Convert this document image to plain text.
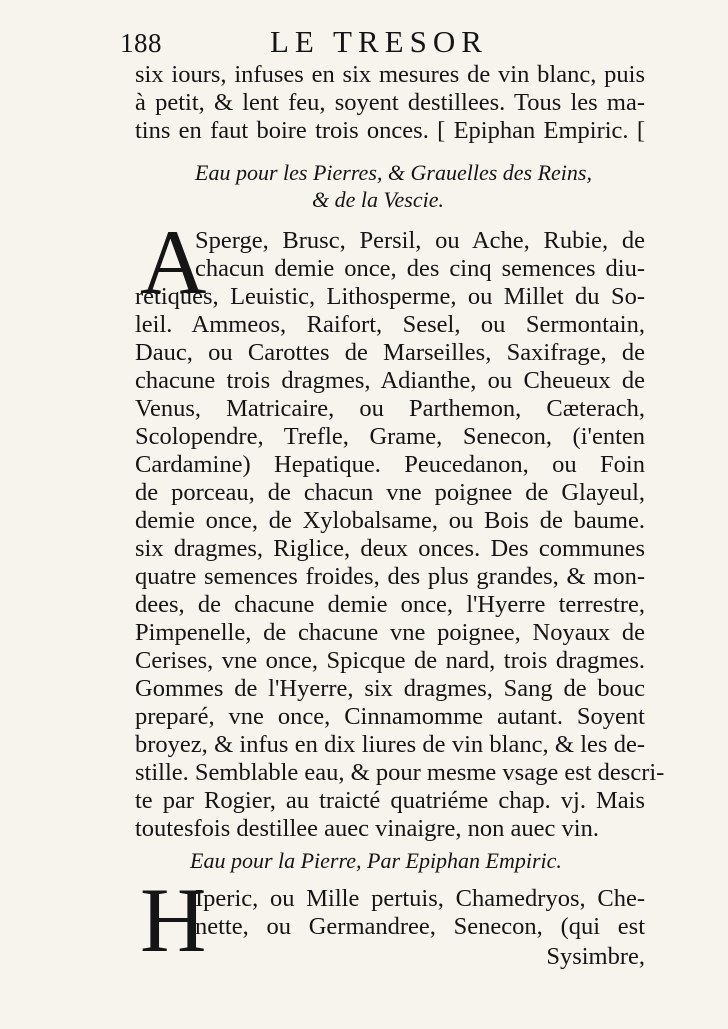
188	LE TRESOR
six iours, infuses en six mesures de vin blanc, puis
à petit, & lent feu, soyent destillees. Tous les ma-
tins en faut boire trois onces. [ Epiphan Empiric. [
Eau pour les Pierres, & Grauelles des Reins,
& de la Vescie.
A
Sperge, Brusc, Persil, ou Ache, Rubie, de
chacun demie once, des cinq semences diu-
retiques, Leuistic, Lithosperme, ou Millet du So-
leil. Ammeos, Raifort, Sesel, ou Sermontain,
Dauc, ou Carottes de Marseilles, Saxifrage, de
chacune trois dragmes, Adianthe, ou Cheueux de
Venus, Matricaire, ou Parthemon, Cæterach,
Scolopendre, Trefle, Grame, Senecon, (i'enten
Cardamine) Hepatique. Peucedanon, ou Foin
de porceau, de chacun vne poignee de Glayeul,
demie once, de Xylobalsame, ou Bois de baume.
six dragmes, Riglice, deux onces. Des communes
quatre semences froides, des plus grandes, & mon-
dees, de chacune demie once, l'Hyerre terrestre,
Pimpenelle, de chacune vne poignee, Noyaux de
Cerises, vne once, Spicque de nard, trois dragmes.
Gommes de l'Hyerre, six dragmes, Sang de bouc
preparé, vne once, Cinnamomme autant. Soyent
broyez, & infus en dix liures de vin blanc, & les de-
stille. Semblable eau, & pour mesme vsage est descri-
te par Rogier, au traicté quatriéme chap. vj. Mais
toutesfois destillee auec vinaigre, non auec vin.
Eau pour la Pierre, Par Epiphan Empiric.
H
Iperic, ou Mille pertuis, Chamedryos, Che-
nette, ou Germandree, Senecon, (qui est
Sysimbre,
